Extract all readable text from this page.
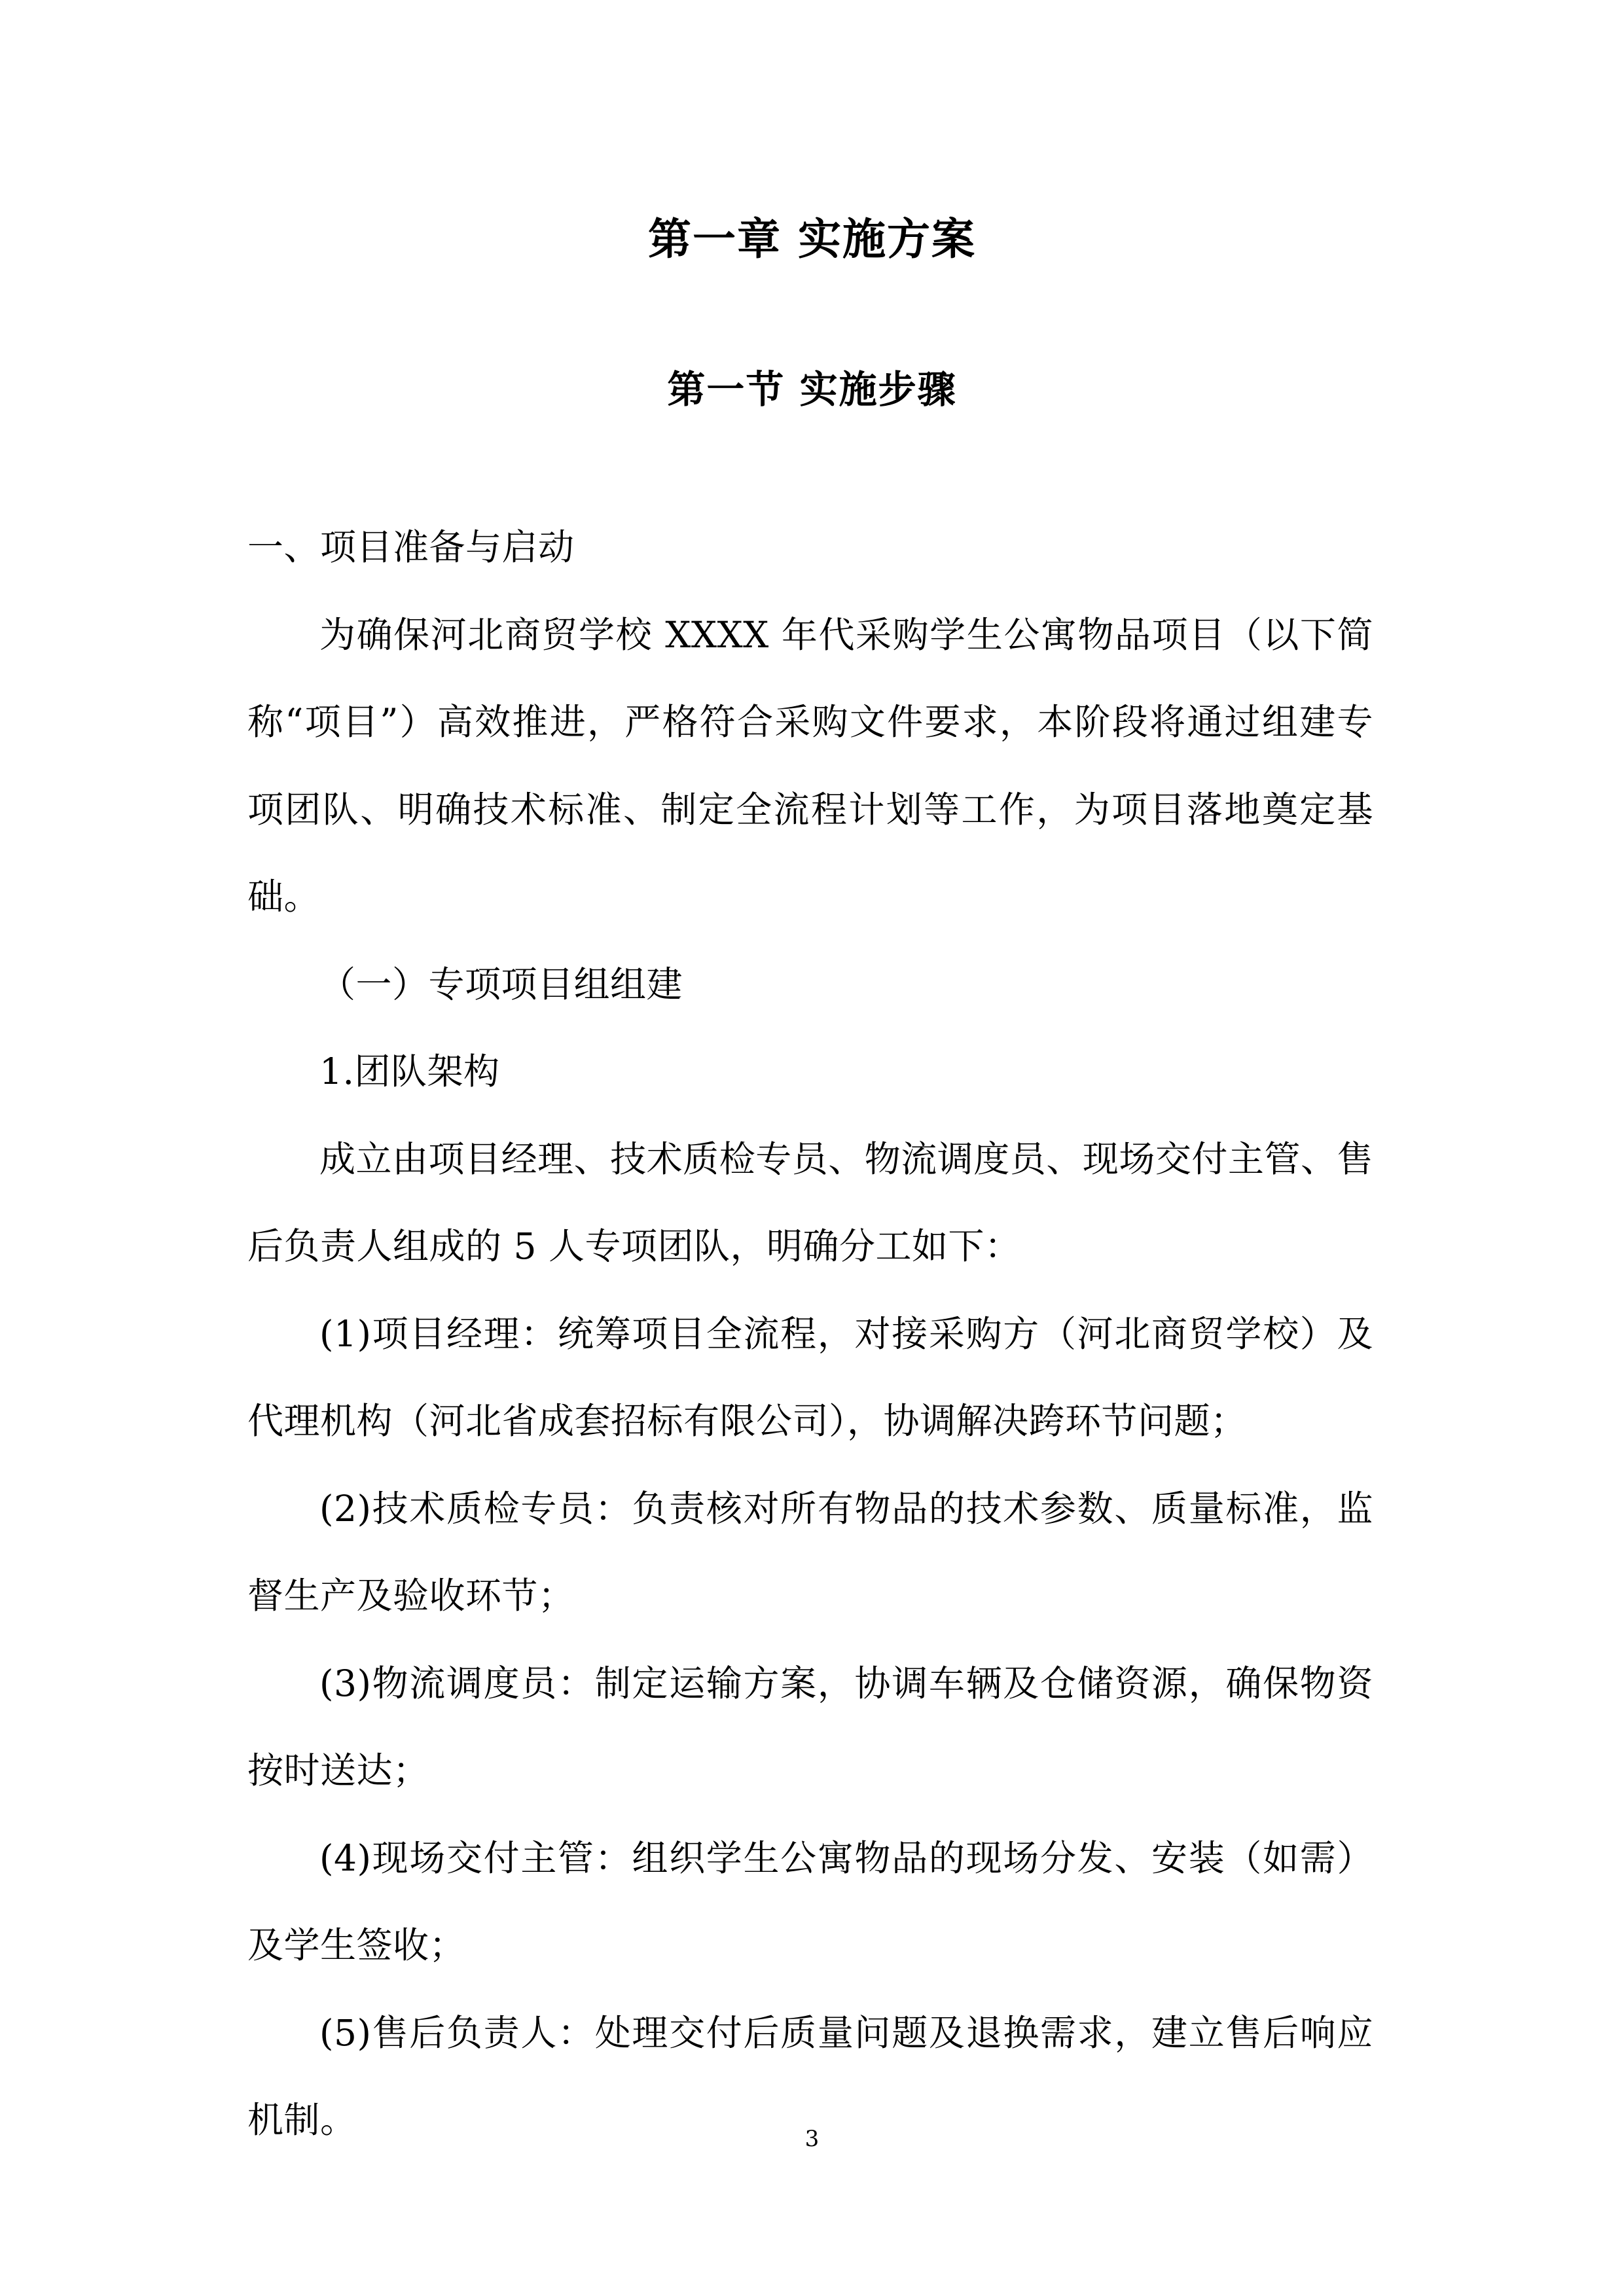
第一章 实施方案
第一节 实施步骤

一、项目准备与启动

为确保河北商贸学校 XXXX 年代采购学生公寓物品项目（以下简称“项目”）高效推进，严格符合采购文件要求，本阶段将通过组建专项团队、明确技术标准、制定全流程计划等工作，为项目落地奠定基础。

（一）专项项目组组建

1.团队架构

成立由项目经理、技术质检专员、物流调度员、现场交付主管、售后负责人组成的 5 人专项团队，明确分工如下：

(1)项目经理：统筹项目全流程，对接采购方（河北商贸学校）及代理机构（河北省成套招标有限公司），协调解决跨环节问题；

(2)技术质检专员：负责核对所有物品的技术参数、质量标准，监督生产及验收环节；

(3)物流调度员：制定运输方案，协调车辆及仓储资源，确保物资按时送达；

(4)现场交付主管：组织学生公寓物品的现场分发、安装（如需）及学生签收；

(5)售后负责人：处理交付后质量问题及退换需求，建立售后响应机制。	3
